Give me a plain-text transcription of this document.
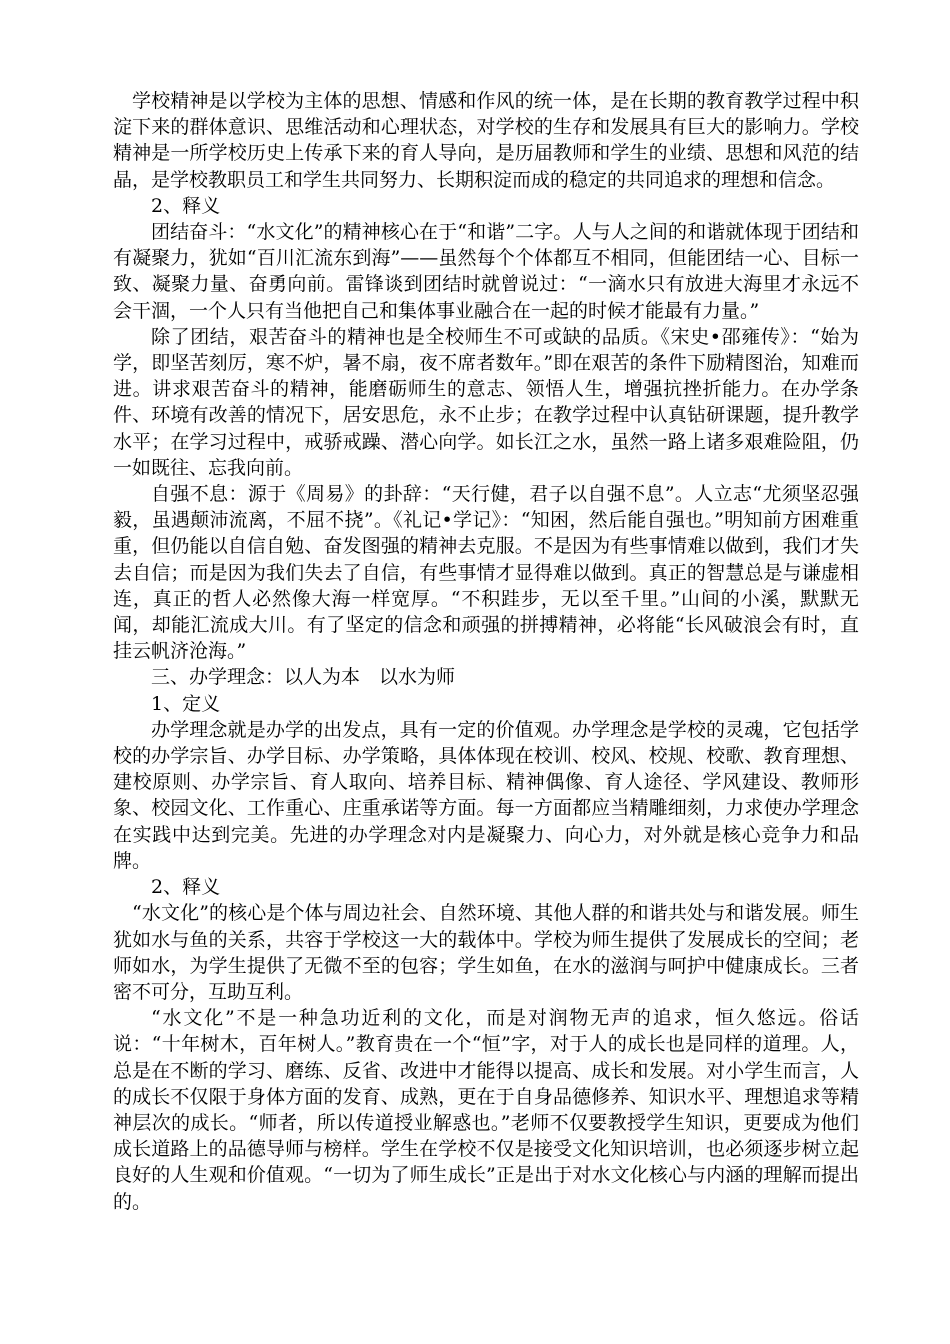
学校精神是以学校为主体的思想、情感和作风的统一体，是在长期的教育教学过程中积淀下来的群体意识、思维活动和心理状态，对学校的生存和发展具有巨大的影响力。学校精神是一所学校历史上传承下来的育人导向，是历届教师和学生的业绩、思想和风范的结晶，是学校教职员工和学生共同努力、长期积淀而成的稳定的共同追求的理想和信念。

2、释义

团结奋斗：“水文化”的精神核心在于“和谐”二字。人与人之间的和谐就体现于团结和有凝聚力，犹如“百川汇流东到海”——虽然每个个体都互不相同，但能团结一心、目标一致、凝聚力量、奋勇向前。雷锋谈到团结时就曾说过：“一滴水只有放进大海里才永远不会干涸，一个人只有当他把自己和集体事业融合在一起的时候才能最有力量。”

除了团结，艰苦奋斗的精神也是全校师生不可或缺的品质。《宋史•邵雍传》：“始为学，即坚苦刻厉，寒不炉，暑不扇，夜不席者数年。”即在艰苦的条件下励精图治，知难而进。讲求艰苦奋斗的精神，能磨砺师生的意志、领悟人生，增强抗挫折能力。在办学条件、环境有改善的情况下，居安思危，永不止步；在教学过程中认真钻研课题，提升教学水平；在学习过程中，戒骄戒躁、潜心向学。如长江之水，虽然一路上诸多艰难险阻，仍一如既往、忘我向前。

自强不息：源于《周易》的卦辞：“天行健，君子以自强不息”。人立志“尤须坚忍强毅，虽遇颠沛流离，不屈不挠”。《礼记•学记》：“知困，然后能自强也。”明知前方困难重重，但仍能以自信自勉、奋发图强的精神去克服。不是因为有些事情难以做到，我们才失去自信；而是因为我们失去了自信，有些事情才显得难以做到。真正的智慧总是与谦虚相连，真正的哲人必然像大海一样宽厚。“不积跬步，无以至千里。”山间的小溪，默默无闻，却能汇流成大川。有了坚定的信念和顽强的拼搏精神，必将能“长风破浪会有时，直挂云帆济沧海。”

三、办学理念：以人为本　以水为师

1、定义

办学理念就是办学的出发点，具有一定的价值观。办学理念是学校的灵魂，它包括学校的办学宗旨、办学目标、办学策略，具体体现在校训、校风、校规、校歌、教育理想、建校原则、办学宗旨、育人取向、培养目标、精神偶像、育人途径、学风建设、教师形象、校园文化、工作重心、庄重承诺等方面。每一方面都应当精雕细刻，力求使办学理念在实践中达到完美。先进的办学理念对内是凝聚力、向心力，对外就是核心竞争力和品牌。

2、释义

“水文化”的核心是个体与周边社会、自然环境、其他人群的和谐共处与和谐发展。师生犹如水与鱼的关系，共容于学校这一大的载体中。学校为师生提供了发展成长的空间；老师如水，为学生提供了无微不至的包容；学生如鱼，在水的滋润与呵护中健康成长。三者密不可分，互助互利。

“水文化”不是一种急功近利的文化，而是对润物无声的追求，恒久悠远。俗话说：“十年树木，百年树人。”教育贵在一个“恒”字，对于人的成长也是同样的道理。人，总是在不断的学习、磨练、反省、改进中才能得以提高、成长和发展。对小学生而言，人的成长不仅限于身体方面的发育、成熟，更在于自身品德修养、知识水平、理想追求等精神层次的成长。“师者，所以传道授业解惑也。”老师不仅要教授学生知识，更要成为他们成长道路上的品德导师与榜样。学生在学校不仅是接受文化知识培训，也必须逐步树立起良好的人生观和价值观。“一切为了师生成长”正是出于对水文化核心与内涵的理解而提出的。
